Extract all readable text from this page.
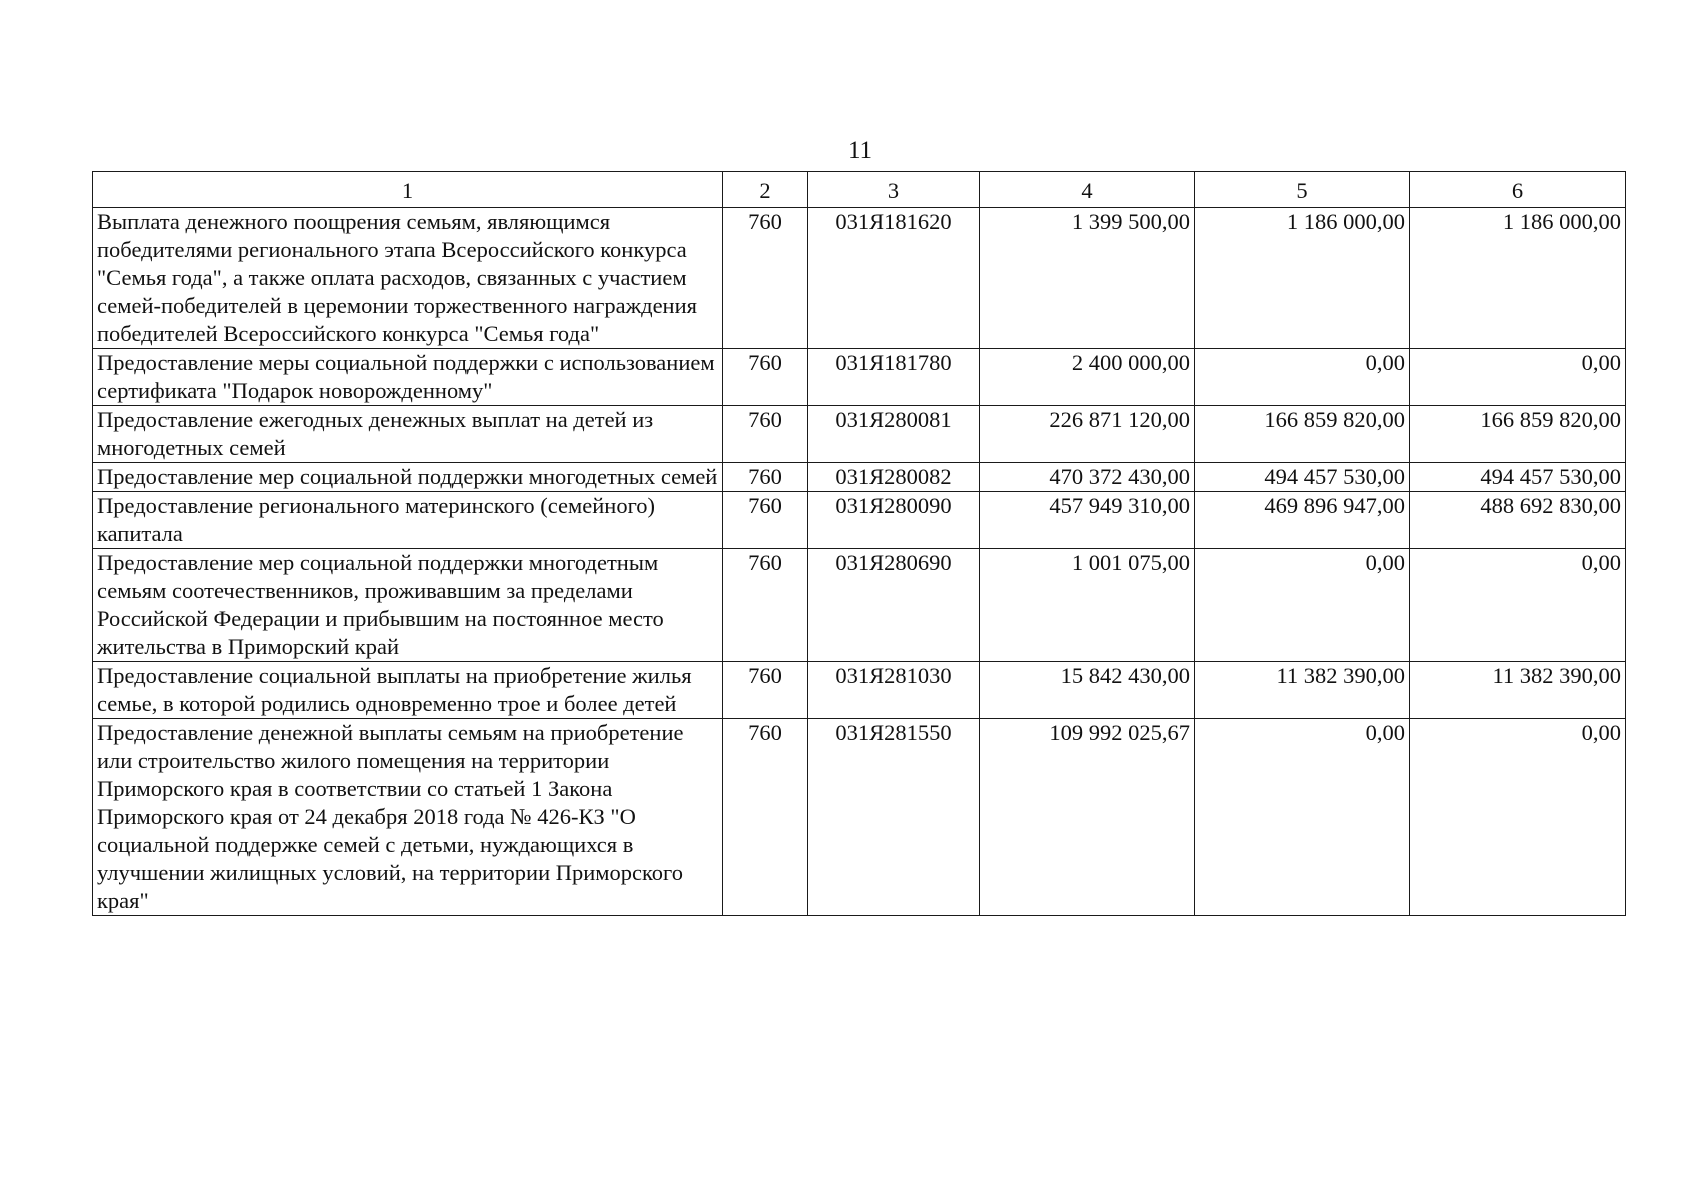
11
1	2	3	4	5	6
Выплата денежного поощрения семьям, являющимся победителями регионального этапа Всероссийского конкурса "Семья года", а также оплата расходов, связанных с участием семей-победителей в церемонии торжественного награждения победителей Всероссийского конкурса "Семья года"	760	031Я181620	1 399 500,00	1 186 000,00	1 186 000,00
Предоставление меры социальной поддержки с использованием сертификата "Подарок новорожденному"	760	031Я181780	2 400 000,00	0,00	0,00
Предоставление ежегодных денежных выплат на детей из многодетных семей	760	031Я280081	226 871 120,00	166 859 820,00	166 859 820,00
Предоставление мер социальной поддержки многодетных семей	760	031Я280082	470 372 430,00	494 457 530,00	494 457 530,00
Предоставление регионального материнского (семейного) капитала	760	031Я280090	457 949 310,00	469 896 947,00	488 692 830,00
Предоставление мер социальной поддержки многодетным семьям соотечественников, проживавшим за пределами Российской Федерации и прибывшим на постоянное место жительства в Приморский край	760	031Я280690	1 001 075,00	0,00	0,00
Предоставление социальной выплаты на приобретение жилья семье, в которой родились одновременно трое и более детей	760	031Я281030	15 842 430,00	11 382 390,00	11 382 390,00
Предоставление денежной выплаты семьям на приобретение или строительство жилого помещения на территории Приморского края в соответствии со статьей 1 Закона Приморского края от 24 декабря 2018 года № 426-КЗ "О социальной поддержке семей с детьми, нуждающихся в улучшении жилищных условий, на территории Приморского края"	760	031Я281550	109 992 025,67	0,00	0,00
